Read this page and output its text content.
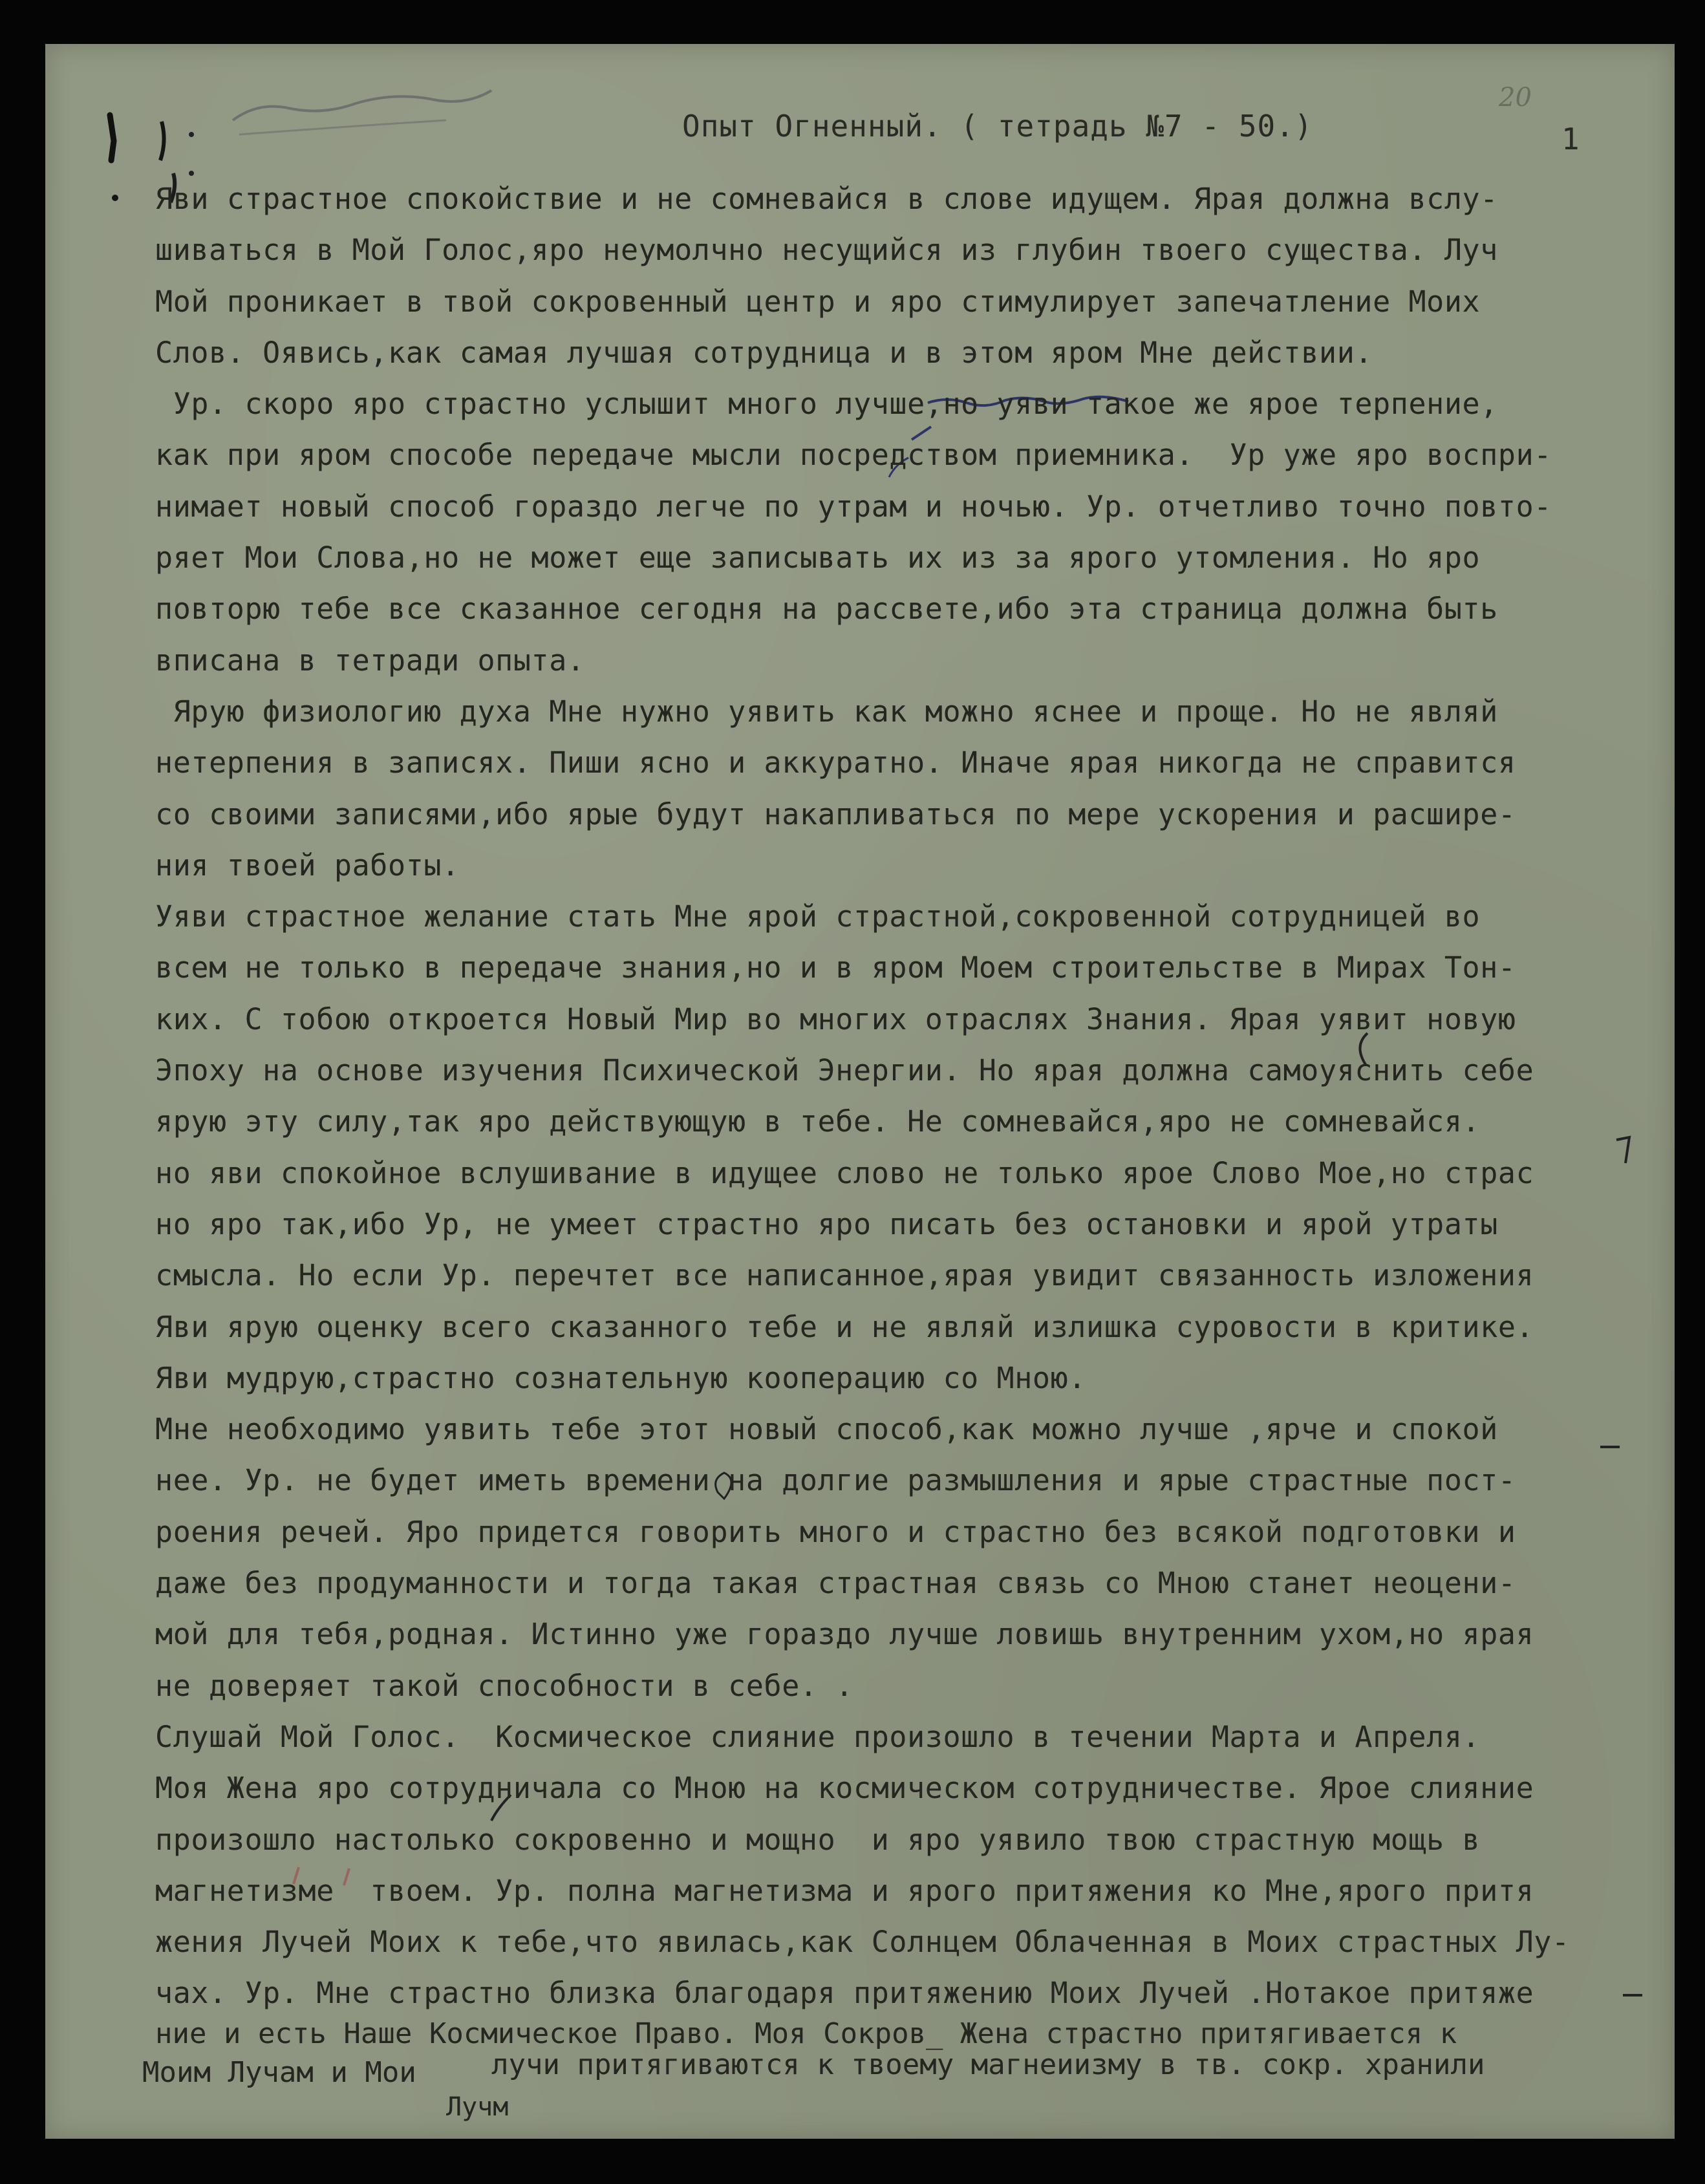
20
Опыт Огненный. ( тетрадь №7 - 50.)	1
Яви страстное спокойствие и не сомневайся в слове идущем. Ярая должна вслу-
шиваться в Мой Голос,яро неумолчно несущийся из глубин твоего существа. Луч
Мой проникает в твой сокровенный центр и яро стимулирует запечатление Моих
Слов. Оявись,как самая лучшая сотрудница и в этом яром Мне действии.
Ур. скоро яро страстно услышит много лучше,но уяви такое же ярое терпение,
как при яром способе передаче мысли посредством приемника.  Ур уже яро воспри-
нимает новый способ гораздо легче по утрам и ночью. Ур. отчетливо точно повто-
ряет Мои Слова,но не может еще записывать их из за ярого утомления. Но яро
повторю тебе все сказанное сегодня на рассвете,ибо эта страница должна быть
вписана в тетради опыта.
Ярую физиологию духа Мне нужно уявить как можно яснее и проще. Но не являй
нетерпения в записях. Пиши ясно и аккуратно. Иначе ярая никогда не справится
со своими записями,ибо ярые будут накапливаться по мере ускорения и расшире-
ния твоей работы.
Уяви страстное желание стать Мне ярой страстной,сокровенной сотрудницей во
всем не только в передаче знания,но и в яром Моем строительстве в Мирах Тон-
ких. С тобою откроется Новый Мир во многих отраслях Знания. Ярая уявит новую
Эпоху на основе изучения Психической Энергии. Но ярая должна самоуяснить себе
ярую эту силу,так яро действующую в тебе. Не сомневайся,яро не сомневайся.
но яви спокойное вслушивание в идущее слово не только ярое Слово Мое,но страс
но яро так,ибо Ур, не умеет страстно яро писать без остановки и ярой утраты
смысла. Но если Ур. перечтет все написанное,ярая увидит связанность изложения
Яви ярую оценку всего сказанного тебе и не являй излишка суровости в критике.
Яви мудрую,страстно сознательную кооперацию со Мною.
Мне необходимо уявить тебе этот новый способ,как можно лучше ,ярче и спокой
нее. Ур. не будет иметь времени на долгие размышления и ярые страстные пост-
роения речей. Яро придется говорить много и страстно без всякой подготовки и
даже без продуманности и тогда такая страстная связь со Мною станет неоцени-
мой для тебя,родная. Истинно уже гораздо лучше ловишь внутренним ухом,но ярая
не доверяет такой способности в себе. .
Слушай Мой Голос.  Космическое слияние произошло в течении Марта и Апреля.
Моя Жена яро сотрудничала со Мною на космическом сотрудничестве. Ярое слияние
произошло настолько сокровенно и мощно  и яро уявило твою страстную мощь в
магнетизме  твоем. Ур. полна магнетизма и ярого притяжения ко Мне,ярого притя
жения Лучей Моих к тебе,что явилась,как Солнцем Облаченная в Моих страстных Лу-
чах. Ур. Мне страстно близка благодаря притяжению Моих Лучей .Нотакое притяже
ние и есть Наше Космическое Право. Моя Сокров_ Жена страстно притягивается к
Моим Лучам и Мои	лучи притягиваются к твоему магнеиизму в тв. сокр. хранили
Лучм
